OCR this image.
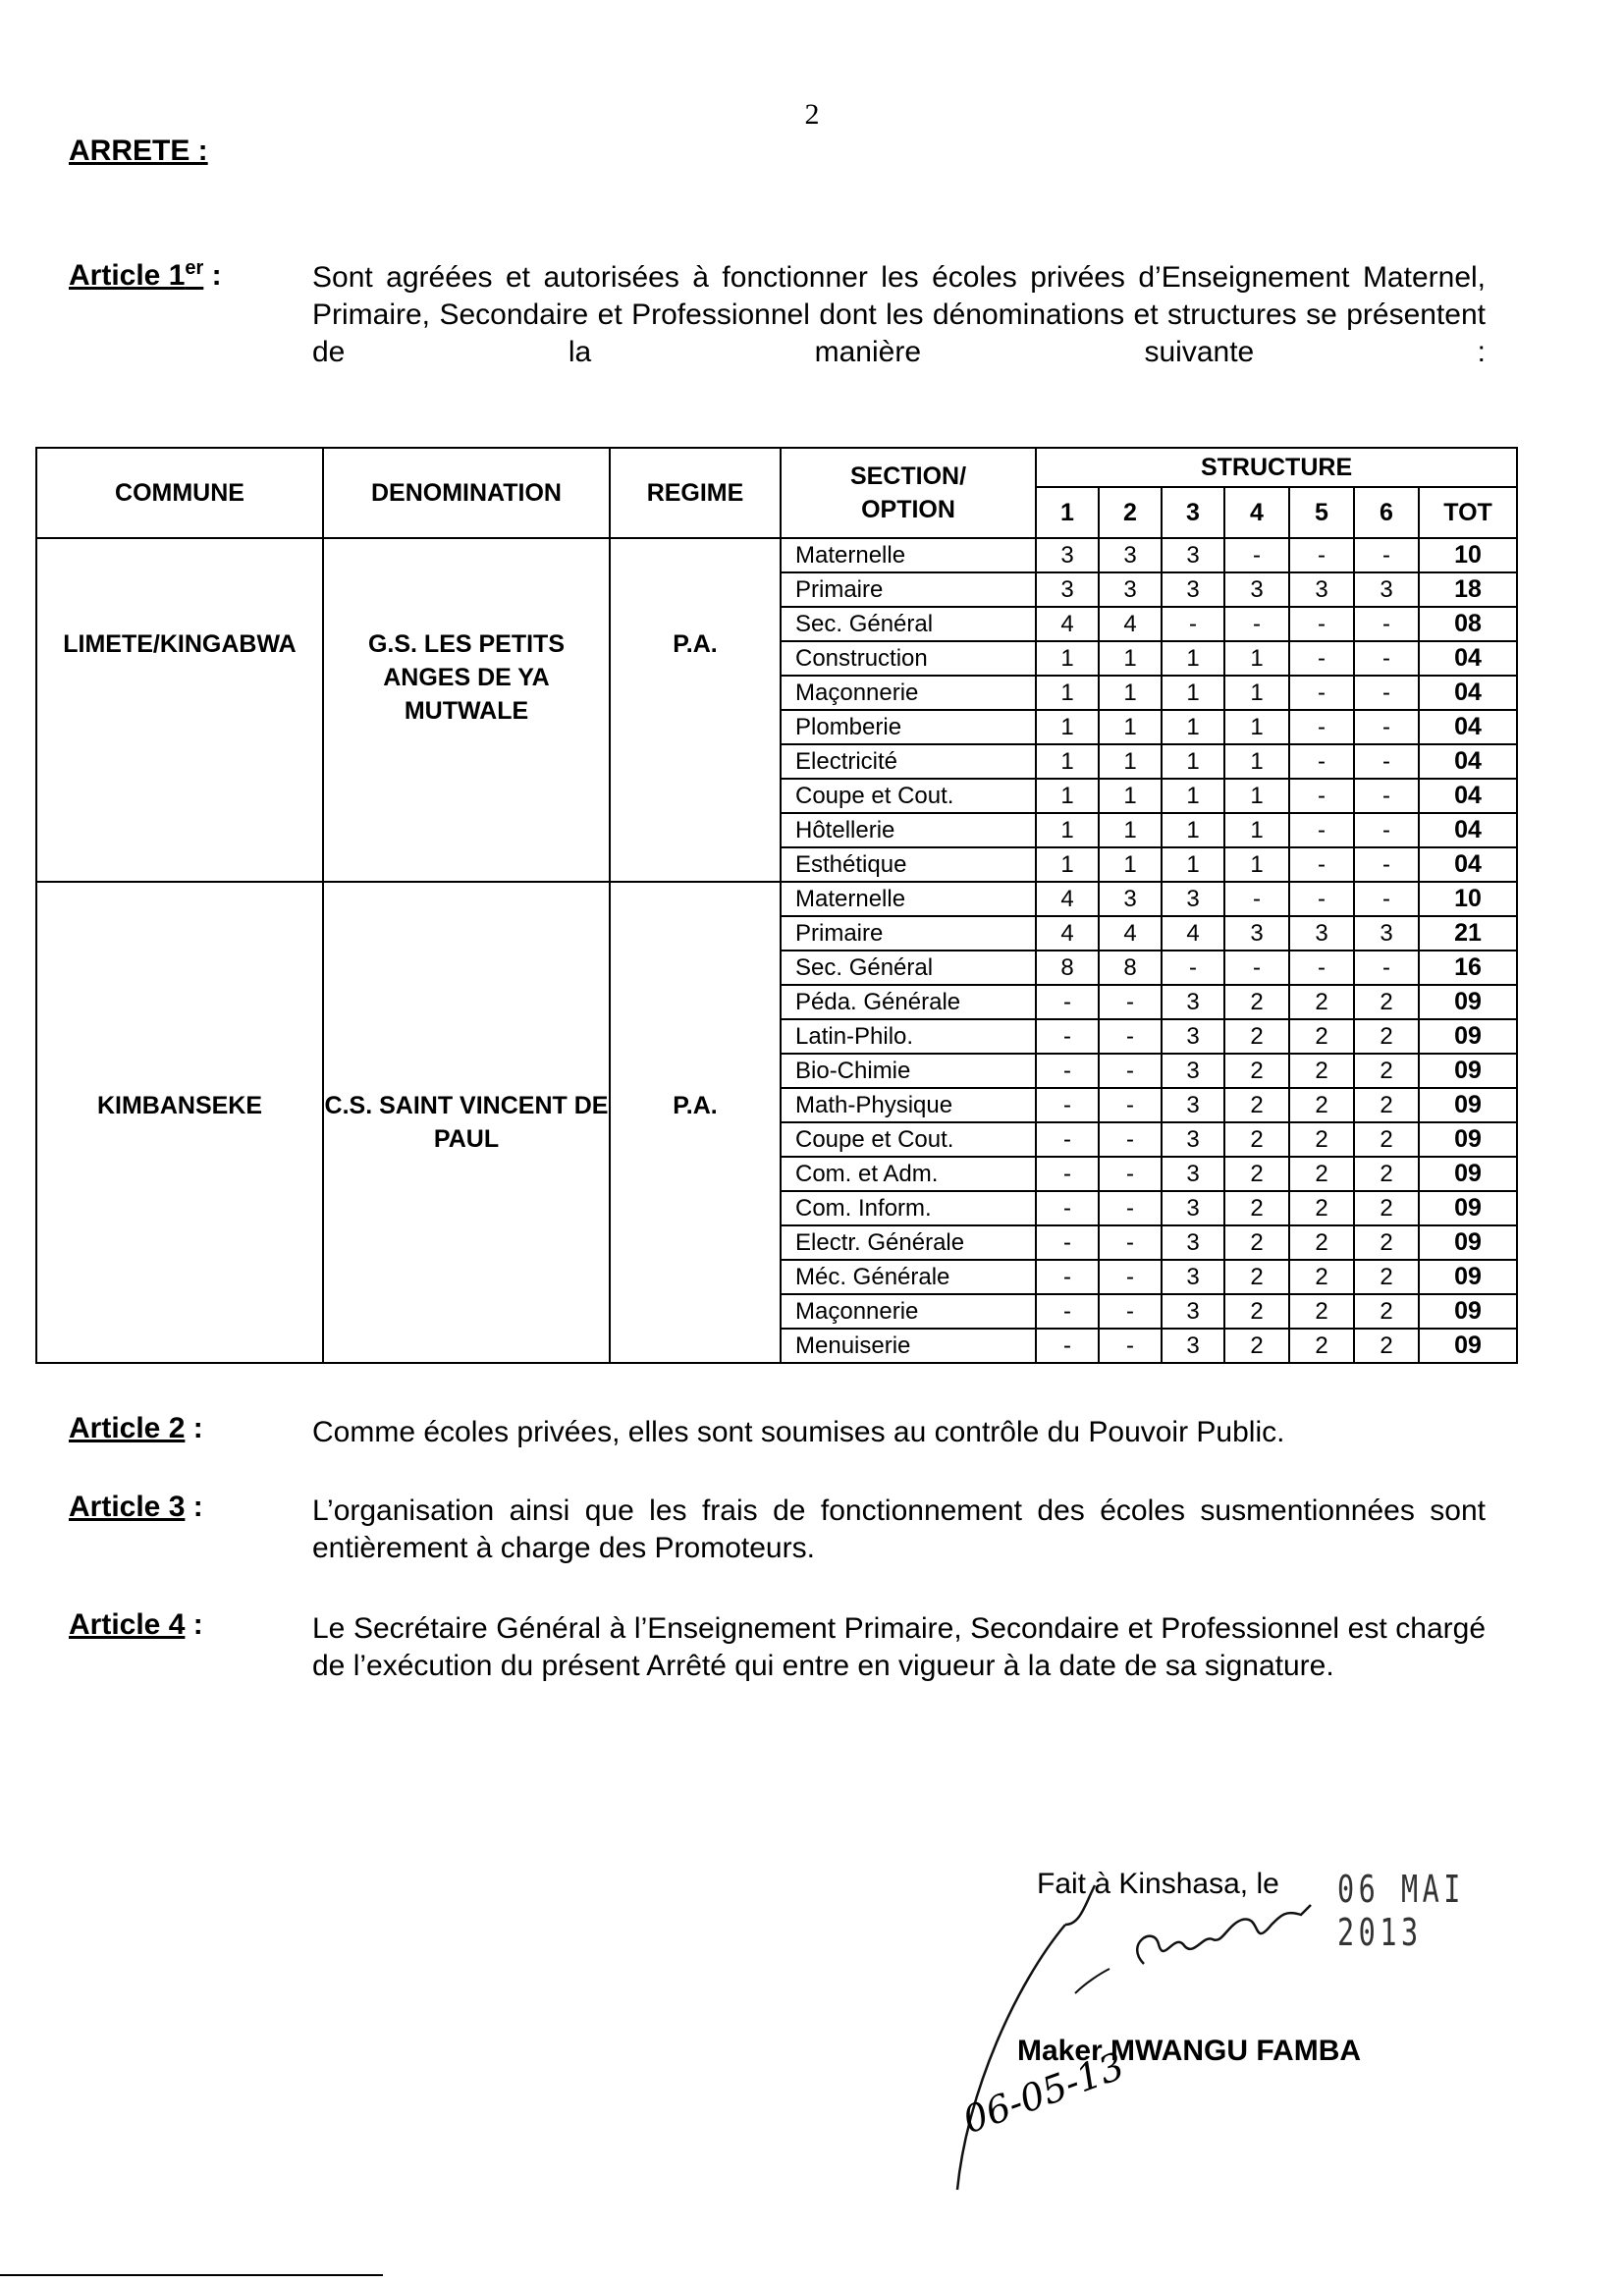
2
ARRETE :
Article 1er :	Sont agréées et autorisées à fonctionner les écoles privées d’Enseignement Maternel, Primaire, Secondaire et Professionnel dont les dénominations et structures se présentent de la manière suivante :
COMMUNE	DENOMINATION	REGIME	SECTION/ OPTION	STRUCTURE						
				1	2	3	4	5	6	TOT
LIMETE/KINGABWA	G.S. LES PETITS ANGES DE YA MUTWALE	P.A.	Maternelle	3	3	3	-	-	-	10
			Primaire	3	3	3	3	3	3	18
			Sec. Général	4	4	-	-	-	-	08
			Construction	1	1	1	1	-	-	04
			Maçonnerie	1	1	1	1	-	-	04
			Plomberie	1	1	1	1	-	-	04
			Electricité	1	1	1	1	-	-	04
			Coupe et Cout.	1	1	1	1	-	-	04
			Hôtellerie	1	1	1	1	-	-	04
			Esthétique	1	1	1	1	-	-	04
KIMBANSEKE	C.S. SAINT VINCENT DE PAUL	P.A.	Maternelle	4	3	3	-	-	-	10
			Primaire	4	4	4	3	3	3	21
			Sec. Général	8	8	-	-	-	-	16
			Péda. Générale	-	-	3	2	2	2	09
			Latin-Philo.	-	-	3	2	2	2	09
			Bio-Chimie	-	-	3	2	2	2	09
			Math-Physique	-	-	3	2	2	2	09
			Coupe et Cout.	-	-	3	2	2	2	09
			Com. et Adm.	-	-	3	2	2	2	09
			Com. Inform.	-	-	3	2	2	2	09
			Electr. Générale	-	-	3	2	2	2	09
			Méc. Générale	-	-	3	2	2	2	09
			Maçonnerie	-	-	3	2	2	2	09
			Menuiserie	-	-	3	2	2	2	09
Article 2 :	Comme écoles privées, elles sont soumises au contrôle du Pouvoir Public.
Article 3 :	L’organisation ainsi que les frais de fonctionnement des écoles susmentionnées sont entièrement à charge des Promoteurs.
Article 4 :	Le Secrétaire Général à l’Enseignement Primaire, Secondaire et Professionnel est chargé de l’exécution du présent Arrêté qui entre en vigueur à la date de sa signature.
Fait à Kinshasa, le 06 MAI 2013
Maker MWANGU FAMBA
06-05-13
